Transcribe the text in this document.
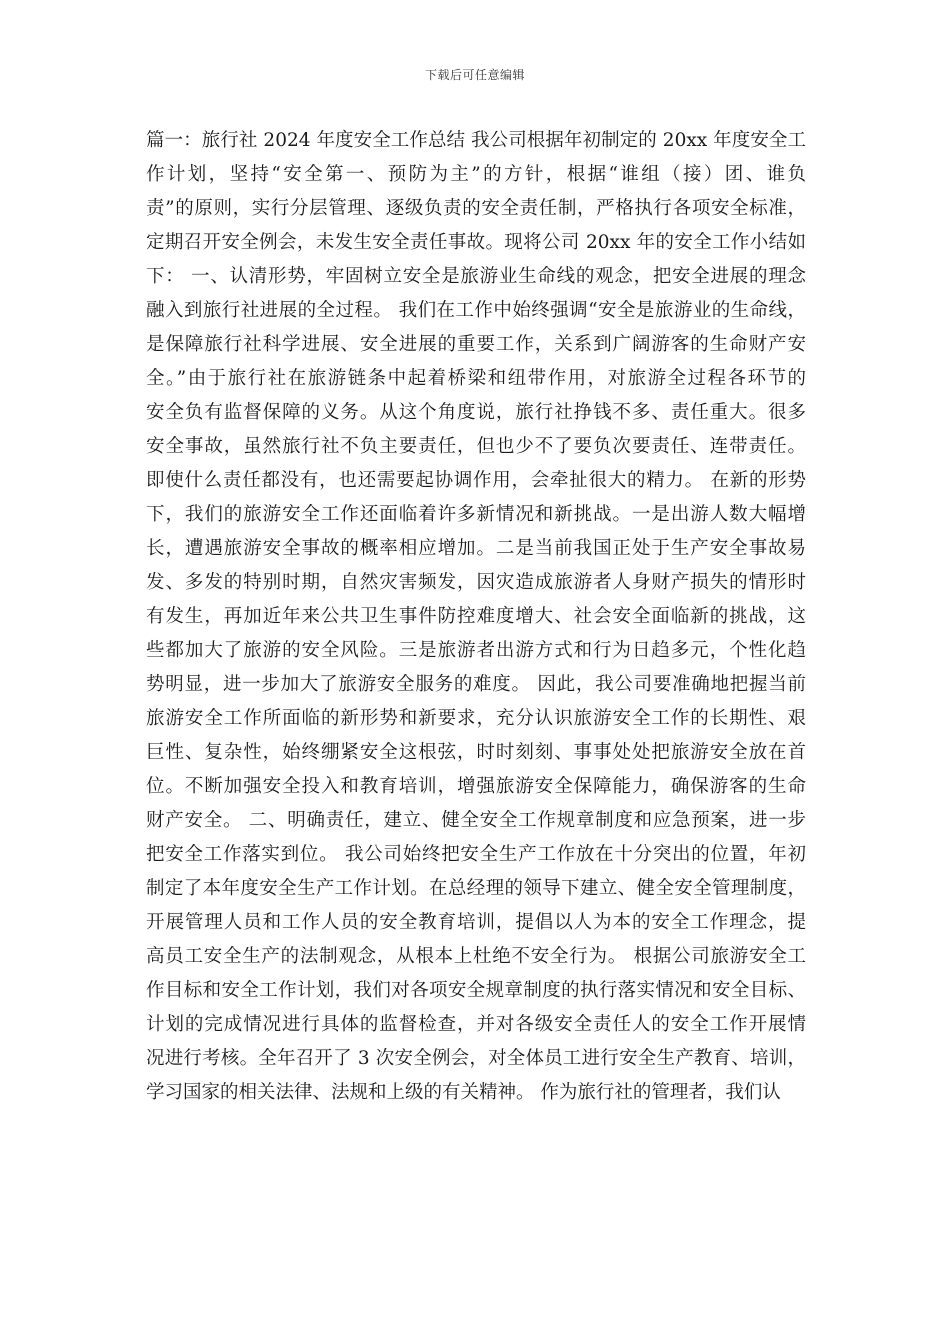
下载后可任意编辑
篇一：旅行社 2024 年度安全工作总结 我公司根据年初制定的 20xx 年度安全工
作计划，坚持“安全第一、预防为主”的方针，根据“谁组（接）团、谁负
责”的原则，实行分层管理、逐级负责的安全责任制，严格执行各项安全标准，
定期召开安全例会，未发生安全责任事故。现将公司 20xx 年的安全工作小结如
下： 一、认清形势，牢固树立安全是旅游业生命线的观念，把安全进展的理念
融入到旅行社进展的全过程。 我们在工作中始终强调“安全是旅游业的生命线，
是保障旅行社科学进展、安全进展的重要工作，关系到广阔游客的生命财产安
全。”由于旅行社在旅游链条中起着桥梁和纽带作用，对旅游全过程各环节的
安全负有监督保障的义务。从这个角度说，旅行社挣钱不多、责任重大。很多
安全事故，虽然旅行社不负主要责任，但也少不了要负次要责任、连带责任。
即使什么责任都没有，也还需要起协调作用，会牵扯很大的精力。 在新的形势
下，我们的旅游安全工作还面临着许多新情况和新挑战。一是出游人数大幅增
长，遭遇旅游安全事故的概率相应增加。二是当前我国正处于生产安全事故易
发、多发的特别时期，自然灾害频发，因灾造成旅游者人身财产损失的情形时
有发生，再加近年来公共卫生事件防控难度增大、社会安全面临新的挑战，这
些都加大了旅游的安全风险。三是旅游者出游方式和行为日趋多元，个性化趋
势明显，进一步加大了旅游安全服务的难度。 因此，我公司要准确地把握当前
旅游安全工作所面临的新形势和新要求，充分认识旅游安全工作的长期性、艰
巨性、复杂性，始终绷紧安全这根弦，时时刻刻、事事处处把旅游安全放在首
位。不断加强安全投入和教育培训，增强旅游安全保障能力，确保游客的生命
财产安全。 二、明确责任，建立、健全安全工作规章制度和应急预案，进一步
把安全工作落实到位。 我公司始终把安全生产工作放在十分突出的位置，年初
制定了本年度安全生产工作计划。在总经理的领导下建立、健全安全管理制度，
开展管理人员和工作人员的安全教育培训，提倡以人为本的安全工作理念，提
高员工安全生产的法制观念，从根本上杜绝不安全行为。 根据公司旅游安全工
作目标和安全工作计划，我们对各项安全规章制度的执行落实情况和安全目标、
计划的完成情况进行具体的监督检查，并对各级安全责任人的安全工作开展情
况进行考核。全年召开了 3 次安全例会，对全体员工进行安全生产教育、培训，
学习国家的相关法律、法规和上级的有关精神。 作为旅行社的管理者，我们认
